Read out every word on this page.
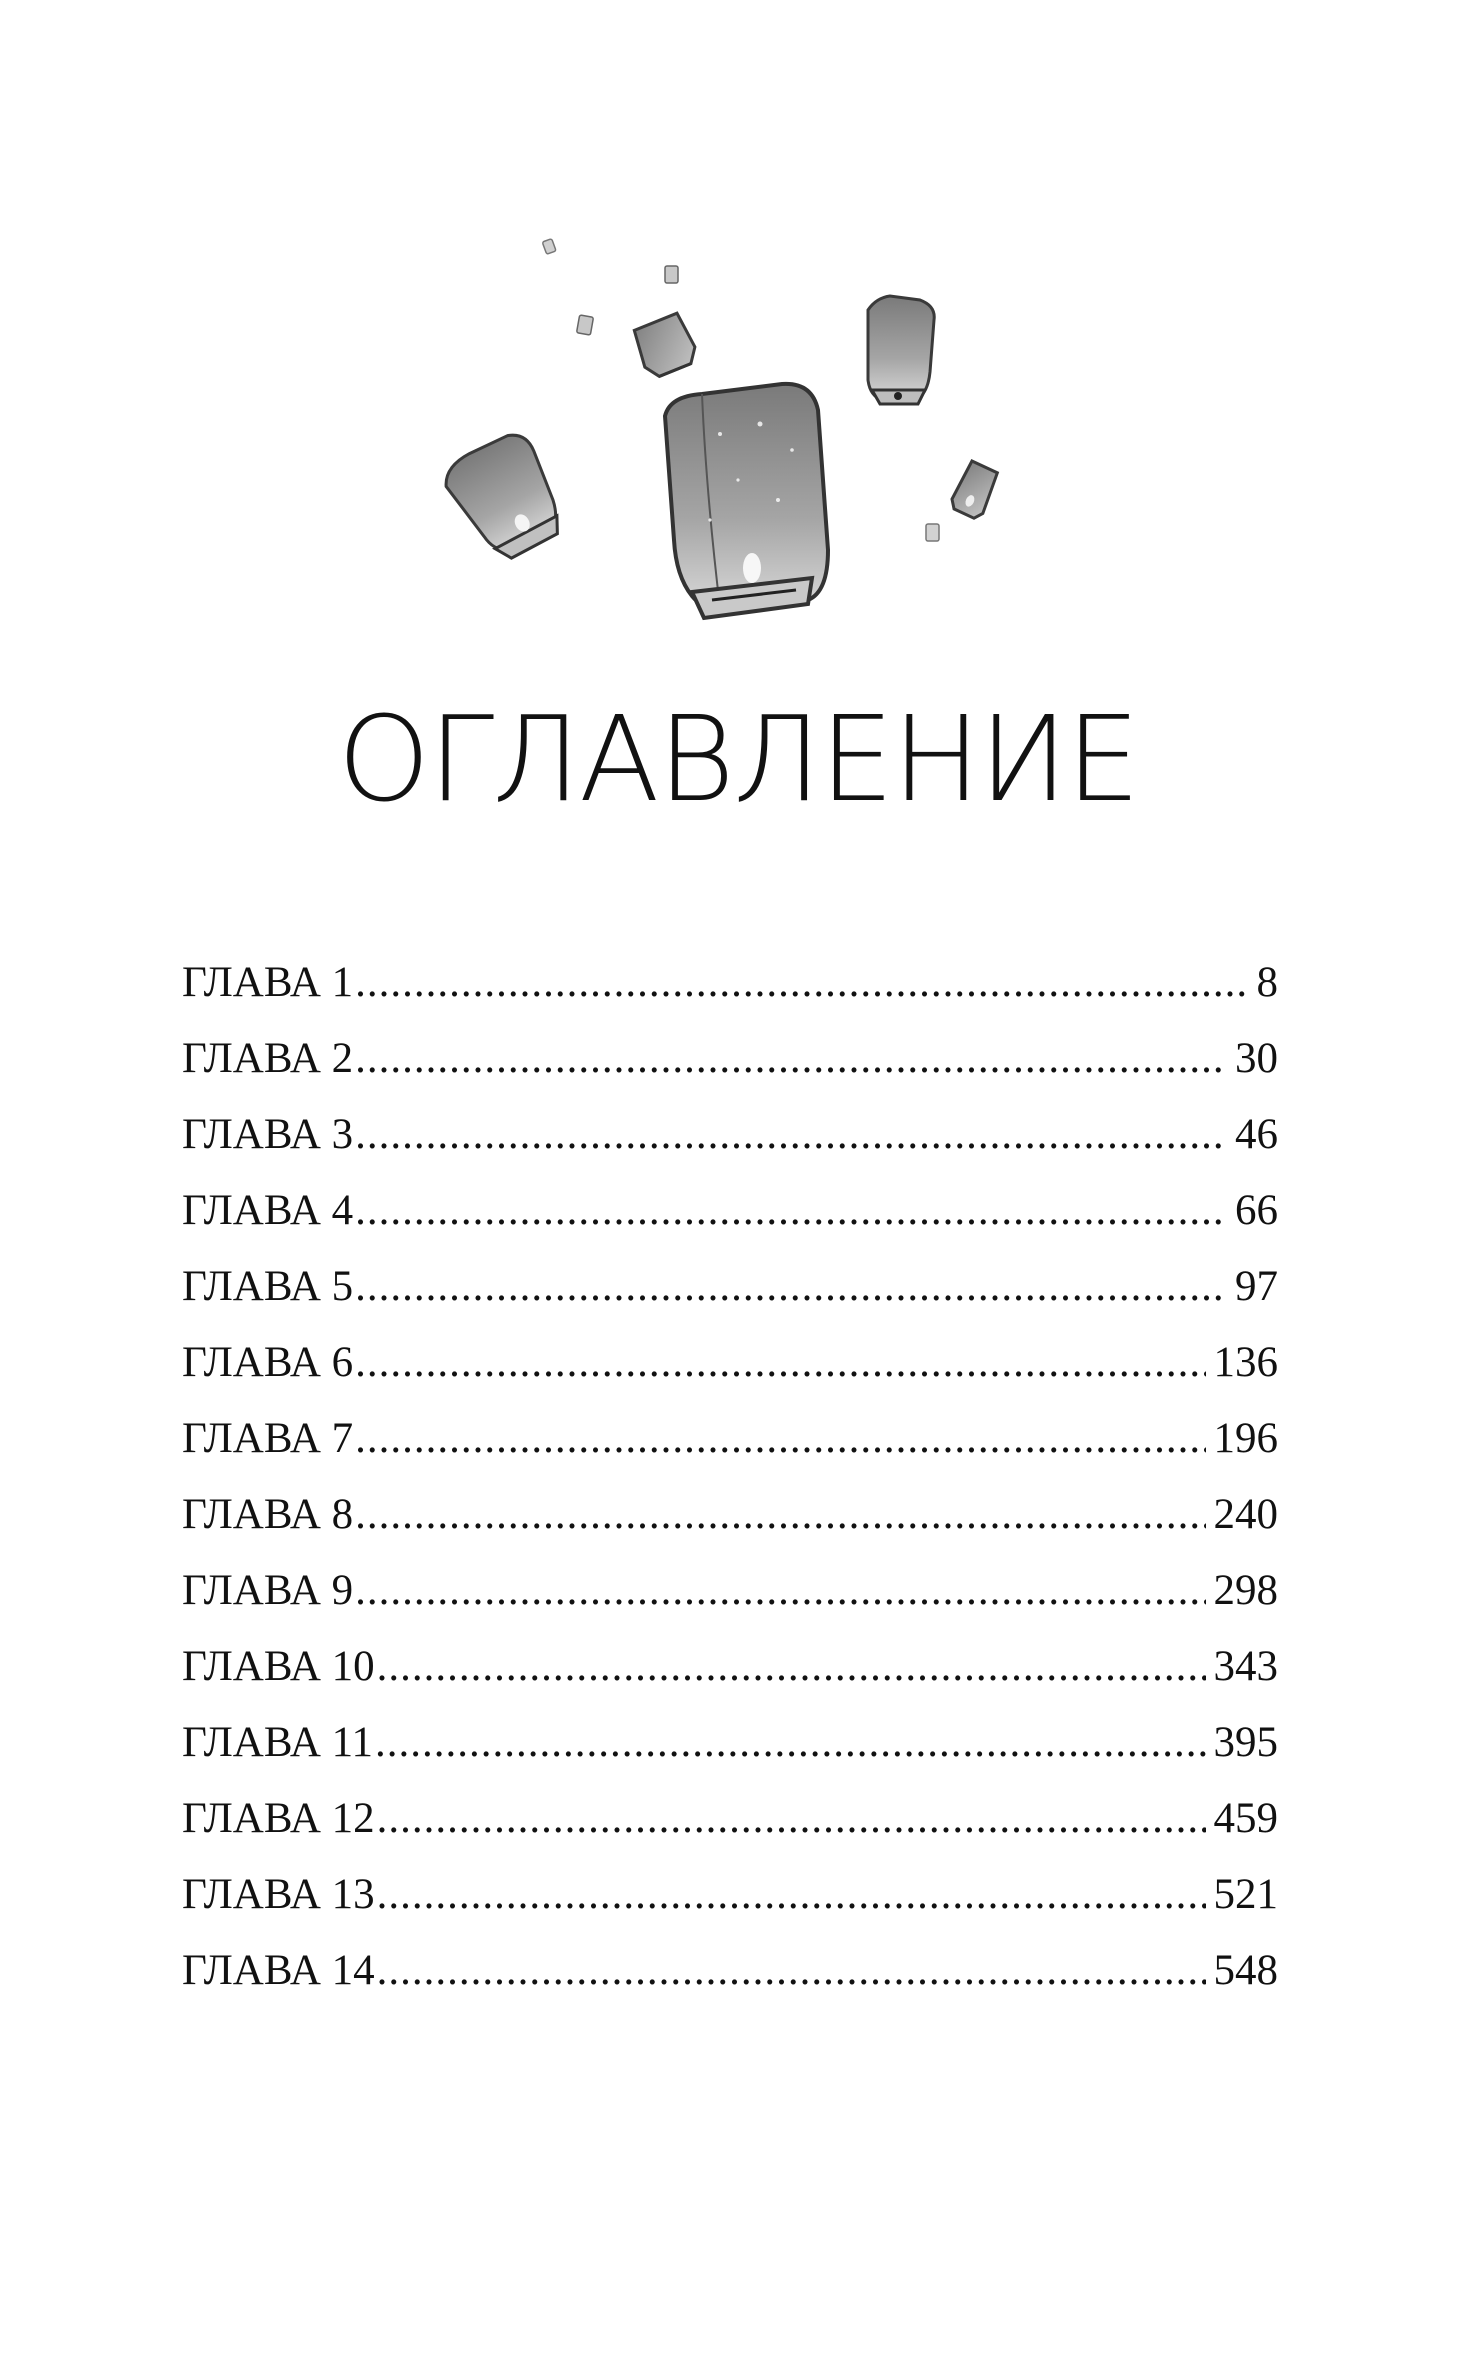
ОГЛАВЛЕНИЕ
ГЛАВА 1 .....	8
ГЛАВА 2 .....	30
ГЛАВА 3 .....	46
ГЛАВА 4 .....	66
ГЛАВА 5 .....	97
ГЛАВА 6 .....	136
ГЛАВА 7 .....	196
ГЛАВА 8 .....	240
ГЛАВА 9 .....	298
ГЛАВА 10 .....	343
ГЛАВА 11 .....	395
ГЛАВА 12 .....	459
ГЛАВА 13 .....	521
ГЛАВА 14 .....	548
